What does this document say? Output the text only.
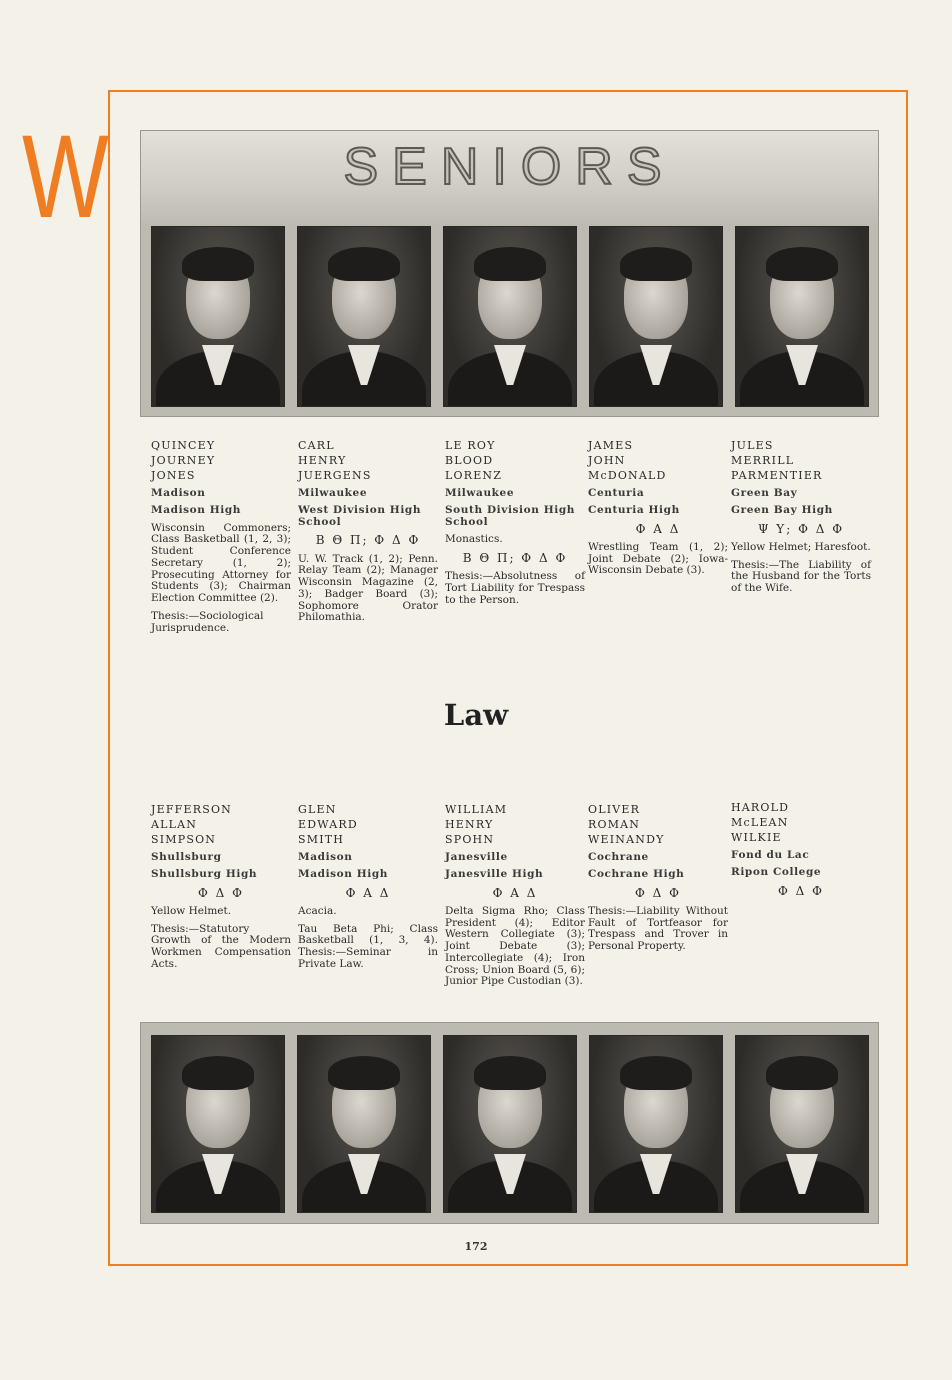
W	SENIORS
QUINCEY
JOURNEY
JONES
Madison
Madison High
Wisconsin Commoners; Class Basketball (1, 2, 3); Student Conference Secretary (1, 2); Prosecuting Attorney for Students (3); Chairman Election Committee (2).
Thesis:—Sociological Jurisprudence.
CARL
HENRY
JUERGENS
Milwaukee
West Division High School
Β Θ Π; Φ Δ Φ
U. W. Track (1, 2); Penn. Relay Team (2); Manager Wisconsin Magazine (2, 3); Badger Board (3); Sophomore Orator Philomathia.
LE ROY
BLOOD
LORENZ
Milwaukee
South Division High School
Monastics.
Β Θ Π; Φ Δ Φ
Thesis:—Absolutness of Tort Liability for Trespass to the Person.
JAMES
JOHN
McDONALD
Centuria
Centuria High
Φ Α Δ
Wrestling Team (1, 2); Joint Debate (2); Iowa-Wisconsin Debate (3).
JULES
MERRILL
PARMENTIER
Green Bay
Green Bay High
Ψ Υ; Φ Δ Φ
Yellow Helmet; Haresfoot.
Thesis:—The Liability of the Husband for the Torts of the Wife.
Law
JEFFERSON
ALLAN
SIMPSON
Shullsburg
Shullsburg High
Φ Δ Φ
Yellow Helmet.
Thesis:—Statutory Growth of the Modern Workmen Compensation Acts.
GLEN
EDWARD
SMITH
Madison
Madison High
Φ Α Δ
Acacia.
Tau Beta Phi; Class Basketball (1, 3, 4). Thesis:—Seminar in Private Law.
WILLIAM
HENRY
SPOHN
Janesville
Janesville High
Φ Α Δ
Delta Sigma Rho; Class President (4); Editor Western Collegiate (3); Joint Debate (3); Intercollegiate (4); Iron Cross; Union Board (5, 6); Junior Pipe Custodian (3).
OLIVER
ROMAN
WEINANDY
Cochrane
Cochrane High
Φ Δ Φ
Thesis:—Liability Without Fault of Tortfeasor for Trespass and Trover in Personal Property.
HAROLD
McLEAN
WILKIE
Fond du Lac
Ripon College
Φ Δ Φ
172
